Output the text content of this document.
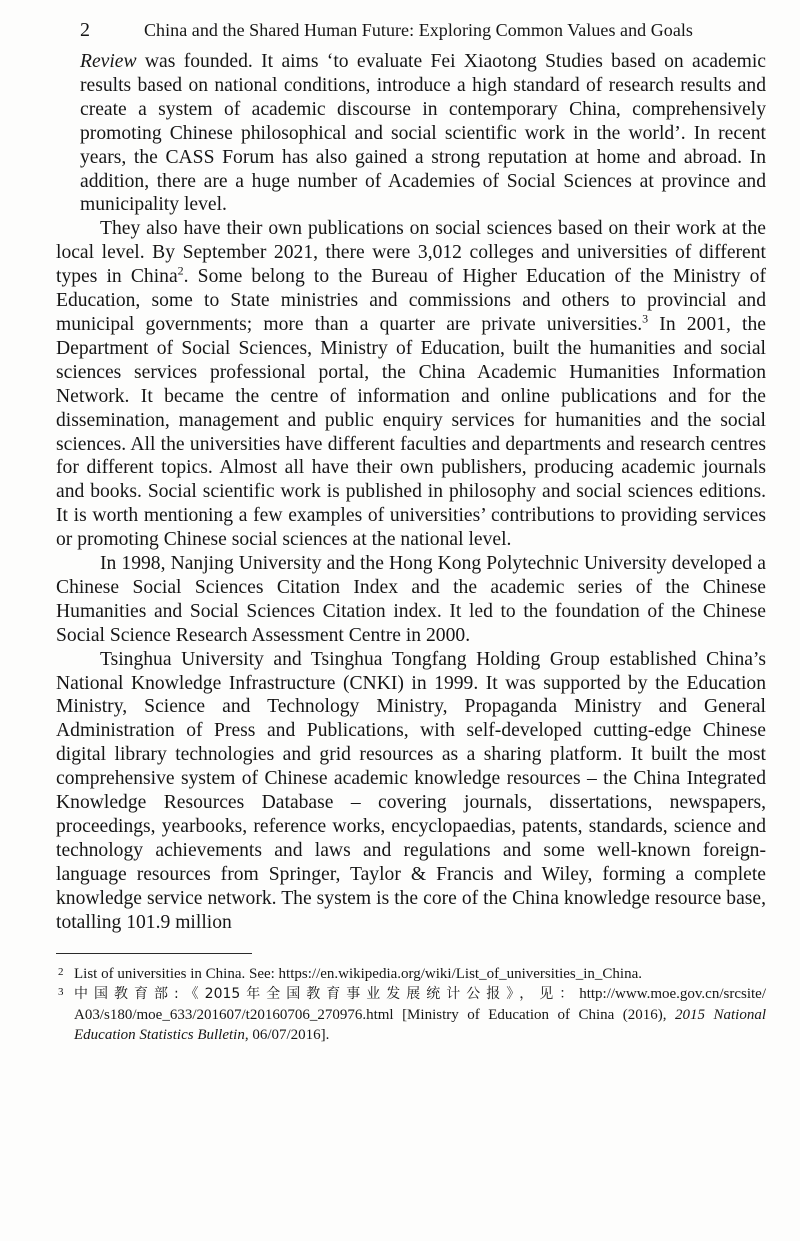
2	China and the Shared Human Future: Exploring Common Values and Goals

Review was founded. It aims ‘to evaluate Fei Xiaotong Studies based on academic results based on national conditions, introduce a high standard of research results and create a system of academic discourse in contemporary China, comprehensively promoting Chinese philosophical and social scientific work in the world’. In recent years, the CASS Forum has also gained a strong reputation at home and abroad. In addition, there are a huge number of Academies of Social Sciences at province and municipality level.

They also have their own publications on social sciences based on their work at the local level. By September 2021, there were 3,012 colleges and universities of different types in China$^2$. Some belong to the Bureau of Higher Education of the Ministry of Education, some to State ministries and commissions and others to provincial and municipal governments; more than a quarter are private universities.$^3$ In 2001, the Department of Social Sciences, Ministry of Education, built the humanities and social sciences services professional portal, the China Academic Humanities Information Network. It became the centre of information and online publications and for the dissemination, management and public enquiry services for humanities and the social sciences. All the universities have different faculties and departments and research centres for different topics. Almost all have their own publishers, producing academic journals and books. Social scientific work is published in philosophy and social sciences editions. It is worth mentioning a few examples of universities’ contributions to providing services or promoting Chinese social sciences at the national level.

In 1998, Nanjing University and the Hong Kong Polytechnic University developed a Chinese Social Sciences Citation Index and the academic series of the Chinese Humanities and Social Sciences Citation index. It led to the foundation of the Chinese Social Science Research Assessment Centre in 2000.

Tsinghua University and Tsinghua Tongfang Holding Group established China’s National Knowledge Infrastructure (CNKI) in 1999. It was supported by the Education Ministry, Science and Technology Ministry, Propaganda Ministry and General Administration of Press and Publications, with self-developed cutting-edge Chinese digital library technologies and grid resources as a sharing platform. It built the most comprehensive system of Chinese academic knowledge resources – the China Integrated Knowledge Resources Database – covering journals, dissertations, newspapers, proceedings, yearbooks, reference works, encyclopaedias, patents, standards, science and technology achievements and laws and regulations and some well-known foreign-language resources from Springer, Taylor & Francis and Wiley, forming a complete knowledge service network. The system is the core of the China knowledge resource base, totalling 101.9 million

2 List of universities in China. See: https://en.wikipedia.org/wiki/List_of_universities_in_China.
3 中国教育部:《2015年全国教育事业发展统计公报》，见：http://www.moe.gov.cn/srcsite/ A03/s180/moe_633/201607/t20160706_270976.html [Ministry of Education of China (2016), 2015 National Education Statistics Bulletin, 06/07/2016].
